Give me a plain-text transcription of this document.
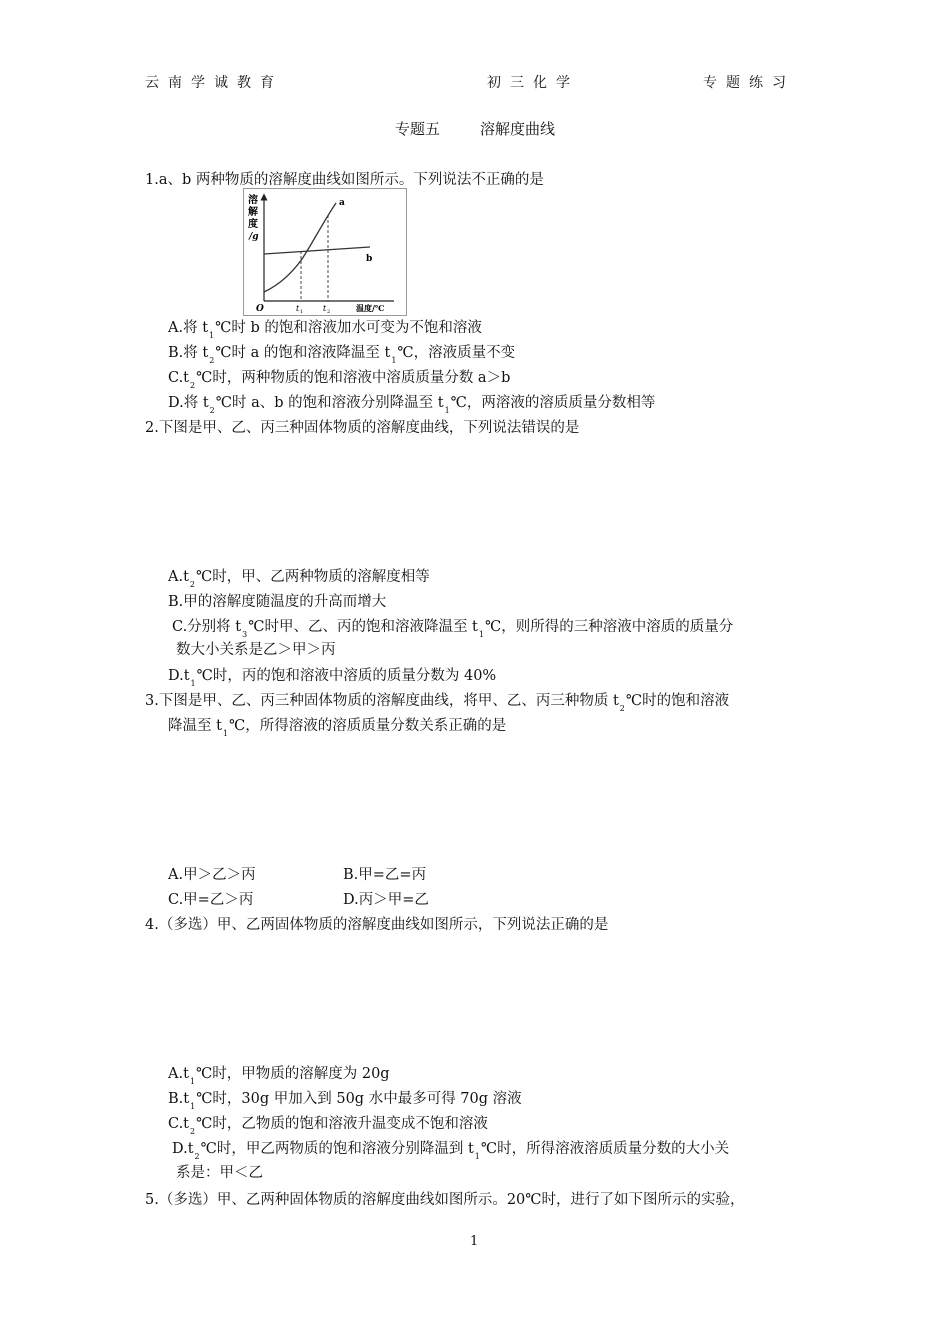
云南学诚教育	初三化学	专题练习
专题五	溶解度曲线
1.a、b 两种物质的溶解度曲线如图所示。下列说法不正确的是
溶
解
度
/g
O	t 1 t 2	温度/℃
a
b
A.将 $t_1℃$时 b 的饱和溶液加水可变为不饱和溶液
B.将 $t_2℃$时 a 的饱和溶液降温至 $t_1℃$，溶液质量不变
$C.t_2℃$时，两种物质的饱和溶液中溶质质量分数 a＞b
D.将 $t_2℃$时 a、b 的饱和溶液分别降温至 $t_1℃$，两溶液的溶质质量分数相等
2.下图是甲、乙、丙三种固体物质的溶解度曲线，下列说法错误的是
$A.t_2℃$时，甲、乙两种物质的溶解度相等
B.甲的溶解度随温度的升高而增大
C.分别将 $t_3℃$时甲、乙、丙的饱和溶液降温至 $t_1℃$，则所得的三种溶液中溶质的质量分
数大小关系是乙＞甲＞丙
$D.t_1℃$时，丙的饱和溶液中溶质的质量分数为 40%
3.下图是甲、乙、丙三种固体物质的溶解度曲线，将甲、乙、丙三种物质 $t_2℃$时的饱和溶液
降温至 $t_1℃$，所得溶液的溶质质量分数关系正确的是
A.甲＞乙＞丙	B.甲=乙=丙
C.甲=乙＞丙	D.丙＞甲=乙
4.（多选）甲、乙两固体物质的溶解度曲线如图所示，下列说法正确的是
$A.t_1℃$时，甲物质的溶解度为 20g
$B.t_1℃$时，30g 甲加入到 50g 水中最多可得 70g 溶液
$C.t_2℃$时，乙物质的饱和溶液升温变成不饱和溶液
$D.t_2℃$时，甲乙两物质的饱和溶液分别降温到 $t_1℃$时，所得溶液溶质质量分数的大小关
系是：甲＜乙
5.（多选）甲、乙两种固体物质的溶解度曲线如图所示。20℃时，进行了如下图所示的实验，
1
